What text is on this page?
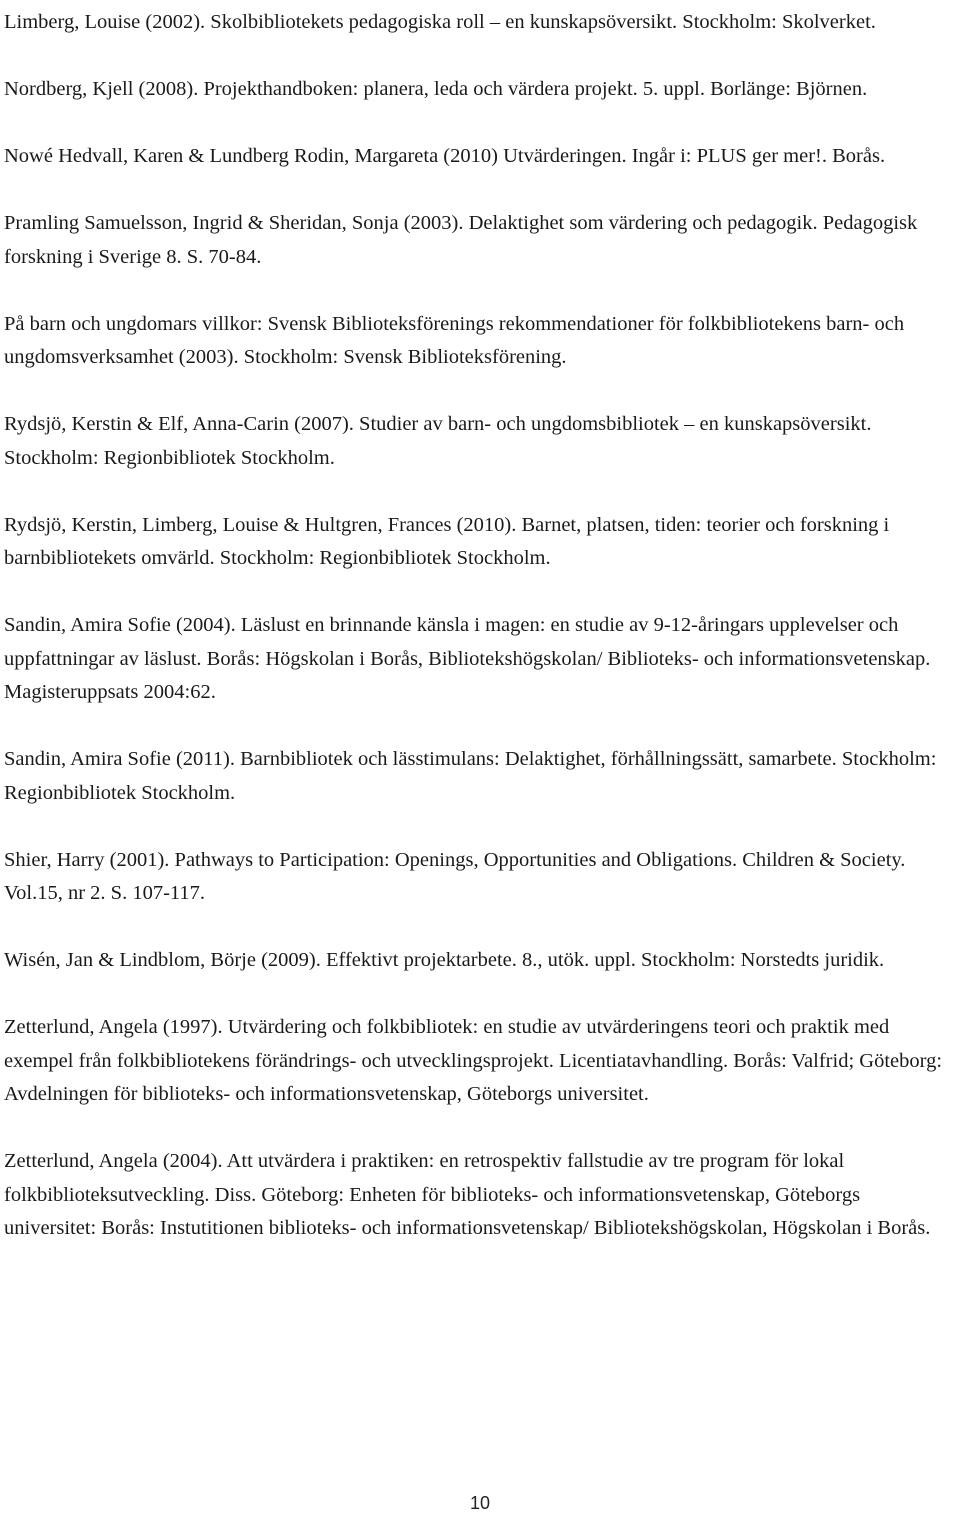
Limberg, Louise (2002). Skolbibliotekets pedagogiska roll – en kunskapsöversikt. Stockholm: Skolverket.
Nordberg, Kjell (2008). Projekthandboken: planera, leda och värdera projekt. 5. uppl. Borlänge: Björnen.
Nowé Hedvall, Karen & Lundberg Rodin, Margareta (2010) Utvärderingen. Ingår i: PLUS ger mer!. Borås.
Pramling Samuelsson, Ingrid & Sheridan, Sonja (2003). Delaktighet som värdering och pedagogik. Pedagogisk forskning i Sverige 8. S. 70-84.
På barn och ungdomars villkor: Svensk Biblioteksförenings rekommendationer för folkbibliotekens barn- och ungdomsverksamhet (2003). Stockholm: Svensk Biblioteksförening.
Rydsjö, Kerstin & Elf, Anna-Carin (2007). Studier av barn- och ungdomsbibliotek – en kunskapsöversikt. Stockholm: Regionbibliotek Stockholm.
Rydsjö, Kerstin, Limberg, Louise & Hultgren, Frances (2010). Barnet, platsen, tiden: teorier och forskning i barnbibliotekets omvärld. Stockholm: Regionbibliotek Stockholm.
Sandin, Amira Sofie (2004). Läslust en brinnande känsla i magen: en studie av 9-12-åringars upplevelser och uppfattningar av läslust. Borås: Högskolan i Borås, Bibliotekshögskolan/ Biblioteks- och informationsvetenskap. Magisteruppsats 2004:62.
Sandin, Amira Sofie (2011). Barnbibliotek och lässtimulans: Delaktighet, förhållningssätt, samarbete. Stockholm: Regionbibliotek Stockholm.
Shier, Harry (2001). Pathways to Participation: Openings, Opportunities and Obligations. Children & Society. Vol.15, nr 2. S. 107-117.
Wisén, Jan & Lindblom, Börje (2009). Effektivt projektarbete. 8., utök. uppl. Stockholm: Norstedts juridik.
Zetterlund, Angela (1997). Utvärdering och folkbibliotek: en studie av utvärderingens teori och praktik med exempel från folkbibliotekens förändrings- och utvecklingsprojekt. Licentiatavhandling. Borås: Valfrid; Göteborg: Avdelningen för biblioteks- och informationsvetenskap, Göteborgs universitet.
Zetterlund, Angela (2004). Att utvärdera i praktiken: en retrospektiv fallstudie av tre program för lokal folkbiblioteksutveckling. Diss. Göteborg: Enheten för biblioteks- och informationsvetenskap, Göteborgs universitet: Borås: Instutitionen biblioteks- och informationsvetenskap/ Bibliotekshögskolan, Högskolan i Borås.
10
